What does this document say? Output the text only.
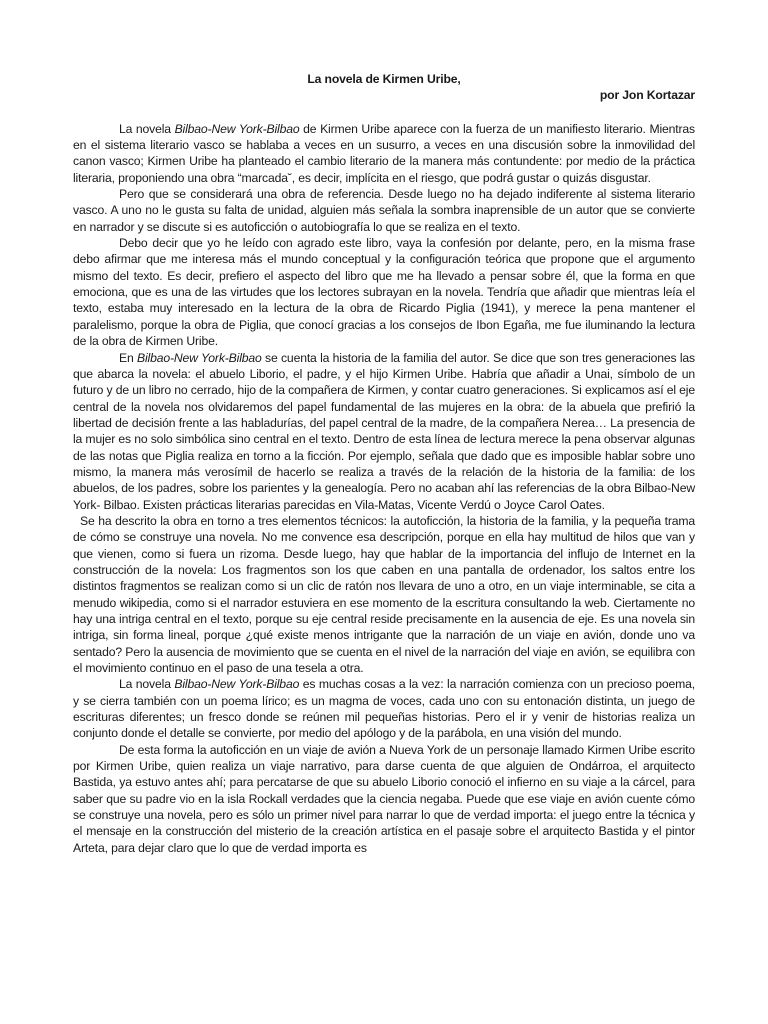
La novela de Kirmen Uribe,

por Jon Kortazar

La novela Bilbao-New York-Bilbao de Kirmen Uribe aparece con la fuerza de un manifiesto literario. Mientras en el sistema literario vasco se hablaba a veces en un susurro, a veces en una discusión sobre la inmovilidad del canon vasco; Kirmen Uribe ha planteado el cambio literario de la manera más contundente: por medio de la práctica literaria, proponiendo una obra “marcada˘, es decir, implícita en el riesgo, que podrá gustar o quizás disgustar.

Pero que se considerará una obra de referencia. Desde luego no ha dejado indiferente al sistema literario vasco. A uno no le gusta su falta de unidad, alguien más señala la sombra inaprensible de un autor que se convierte en narrador y se discute si es autoficción o autobiografía lo que se realiza en el texto.

Debo decir que yo he leído con agrado este libro, vaya la confesión por delante, pero, en la misma frase debo afirmar que me interesa más el mundo conceptual y la configuración teórica que propone que el argumento mismo del texto. Es decir, prefiero el aspecto del libro que me ha llevado a pensar sobre él, que la forma en que emociona, que es una de las virtudes que los lectores subrayan en la novela. Tendría que añadir que mientras leía el texto, estaba muy interesado en la lectura de la obra de Ricardo Piglia (1941), y merece la pena mantener el paralelismo, porque la obra de Piglia, que conocí gracias a los consejos de Ibon Egaña, me fue iluminando la lectura de la obra de Kirmen Uribe.

En Bilbao-New York-Bilbao se cuenta la historia de la familia del autor. Se dice que son tres generaciones las que abarca la novela: el abuelo Liborio, el padre, y el hijo Kirmen Uribe. Habría que añadir a Unai, símbolo de un futuro y de un libro no cerrado, hijo de la compañera de Kirmen, y contar cuatro generaciones. Si explicamos así el eje central de la novela nos olvidaremos del papel fundamental de las mujeres en la obra: de la abuela que prefirió la libertad de decisión frente a las habladurías, del papel central de la madre, de la compañera Nerea… La presencia de la mujer es no solo simbólica sino central en el texto. Dentro de esta línea de lectura merece la pena observar algunas de las notas que Piglia realiza en torno a la ficción. Por ejemplo, señala que dado que es imposible hablar sobre uno mismo, la manera más verosímil de hacerlo se realiza a través de la relación de la historia de la familia: de los abuelos, de los padres, sobre los parientes y la genealogía. Pero no acaban ahí las referencias de la obra Bilbao-New York- Bilbao. Existen prácticas literarias parecidas en Vila-Matas, Vicente Verdú o Joyce Carol Oates.

Se ha descrito la obra en torno a tres elementos técnicos: la autoficción, la historia de la familia, y la pequeña trama de cómo se construye una novela. No me convence esa descripción, porque en ella hay multitud de hilos que van y que vienen, como si fuera un rizoma. Desde luego, hay que hablar de la importancia del influjo de Internet en la construcción de la novela: Los fragmentos son los que caben en una pantalla de ordenador, los saltos entre los distintos fragmentos se realizan como si un clic de ratón nos llevara de uno a otro, en un viaje interminable, se cita a menudo wikipedia, como si el narrador estuviera en ese momento de la escritura consultando la web. Ciertamente no hay una intriga central en el texto, porque su eje central reside precisamente en la ausencia de eje. Es una novela sin intriga, sin forma lineal, porque ¿qué existe menos intrigante que la narración de un viaje en avión, donde uno va sentado? Pero la ausencia de movimiento que se cuenta en el nivel de la narración del viaje en avión, se equilibra con el movimiento continuo en el paso de una tesela a otra.

La novela Bilbao-New York-Bilbao es muchas cosas a la vez: la narración comienza con un precioso poema, y se cierra también con un poema lírico; es un magma de voces, cada uno con su entonación distinta, un juego de escrituras diferentes; un fresco donde se reúnen mil pequeñas historias. Pero el ir y venir de historias realiza un conjunto donde el detalle se convierte, por medio del apólogo y de la parábola, en una visión del mundo.

De esta forma la autoficción en un viaje de avión a Nueva York de un personaje llamado Kirmen Uribe escrito por Kirmen Uribe, quien realiza un viaje narrativo, para darse cuenta de que alguien de Ondárroa, el arquitecto Bastida, ya estuvo antes ahí; para percatarse de que su abuelo Liborio conoció el infierno en su viaje a la cárcel, para saber que su padre vio en la isla Rockall verdades que la ciencia negaba. Puede que ese viaje en avión cuente cómo se construye una novela, pero es sólo un primer nivel para narrar lo que de verdad importa: el juego entre la técnica y el mensaje en la construcción del misterio de la creación artística en el pasaje sobre el arquitecto Bastida y el pintor Arteta, para dejar claro que lo que de verdad importa es
